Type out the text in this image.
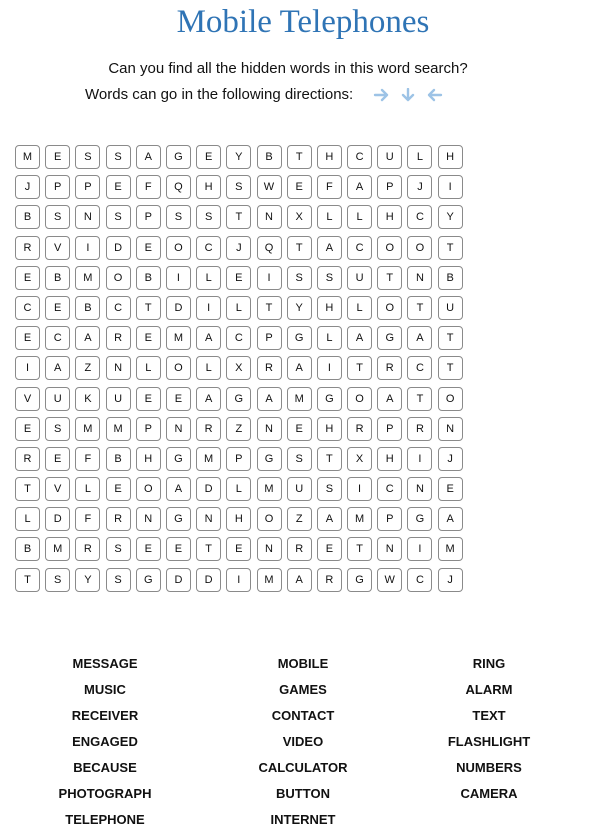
Mobile Telephones

Can you find all the hidden words in this word search?

Words can go in the following directions:

M	E	S	S	A	G	E	Y	B	T	H	C	U	L	H
J	P	P	E	F	Q	H	S	W	E	F	A	P	J	I
B	S	N	S	P	S	S	T	N	X	L	L	H	C	Y
R	V	I	D	E	O	C	J	Q	T	A	C	O	O	T
E	B	M	O	B	I	L	E	I	S	S	U	T	N	B
C	E	B	C	T	D	I	L	T	Y	H	L	O	T	U
E	C	A	R	E	M	A	C	P	G	L	A	G	A	T
I	A	Z	N	L	O	L	X	R	A	I	T	R	C	T
V	U	K	U	E	E	A	G	A	M	G	O	A	T	O
E	S	M	M	P	N	R	Z	N	E	H	R	P	R	N
R	E	F	B	H	G	M	P	G	S	T	X	H	I	J
T	V	L	E	O	A	D	L	M	U	S	I	C	N	E
L	D	F	R	N	G	N	H	O	Z	A	M	P	G	A
B	M	R	S	E	E	T	E	N	R	E	T	N	I	M
T	S	Y	S	G	D	D	I	M	A	R	G	W	C	J
MESSAGE	MOBILE	RING
MUSIC	GAMES	ALARM
RECEIVER	CONTACT	TEXT
ENGAGED	VIDEO	FLASHLIGHT
BECAUSE	CALCULATOR	NUMBERS
PHOTOGRAPH	BUTTON	CAMERA
TELEPHONE	INTERNET
